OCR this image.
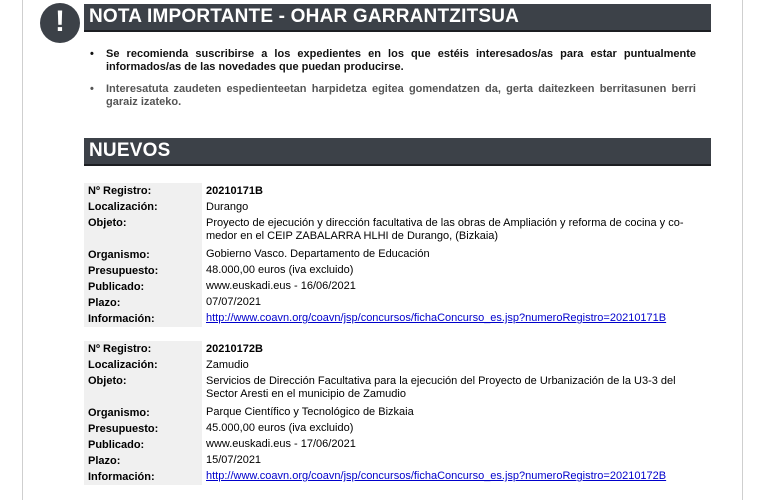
!	NOTA IMPORTANTE - OHAR GARRANTZITSUA
• Se recomienda suscribirse a los expedientes en los que estéis interesados/as para estar puntualmente informados/as de las novedades que puedan producirse.
• Interesatuta zaudeten espedienteetan harpidetza egitea gomendatzen da, gerta daitezkeen berritasunen berri garaiz izateko.
NUEVOS
Nº Registro:	20210171B
Localización:	Durango
Objeto:	Proyecto de ejecución y dirección facultativa de las obras de Ampliación y reforma de cocina y co-medor en el CEIP ZABALARRA HLHI de Durango, (Bizkaia)
Organismo:	Gobierno Vasco. Departamento de Educación
Presupuesto:	48.000,00 euros (iva excluido)
Publicado:	www.euskadi.eus - 16/06/2021
Plazo:	07/07/2021
Información:	http://www.coavn.org/coavn/jsp/concursos/fichaConcurso_es.jsp?numeroRegistro=20210171B
Nº Registro:	20210172B
Localización:	Zamudio
Objeto:	Servicios de Dirección Facultativa para la ejecución del Proyecto de Urbanización de la U3-3 del Sector Aresti en el municipio de Zamudio
Organismo:	Parque Científico y Tecnológico de Bizkaia
Presupuesto:	45.000,00 euros (iva excluido)
Publicado:	www.euskadi.eus - 17/06/2021
Plazo:	15/07/2021
Información:	http://www.coavn.org/coavn/jsp/concursos/fichaConcurso_es.jsp?numeroRegistro=20210172B
